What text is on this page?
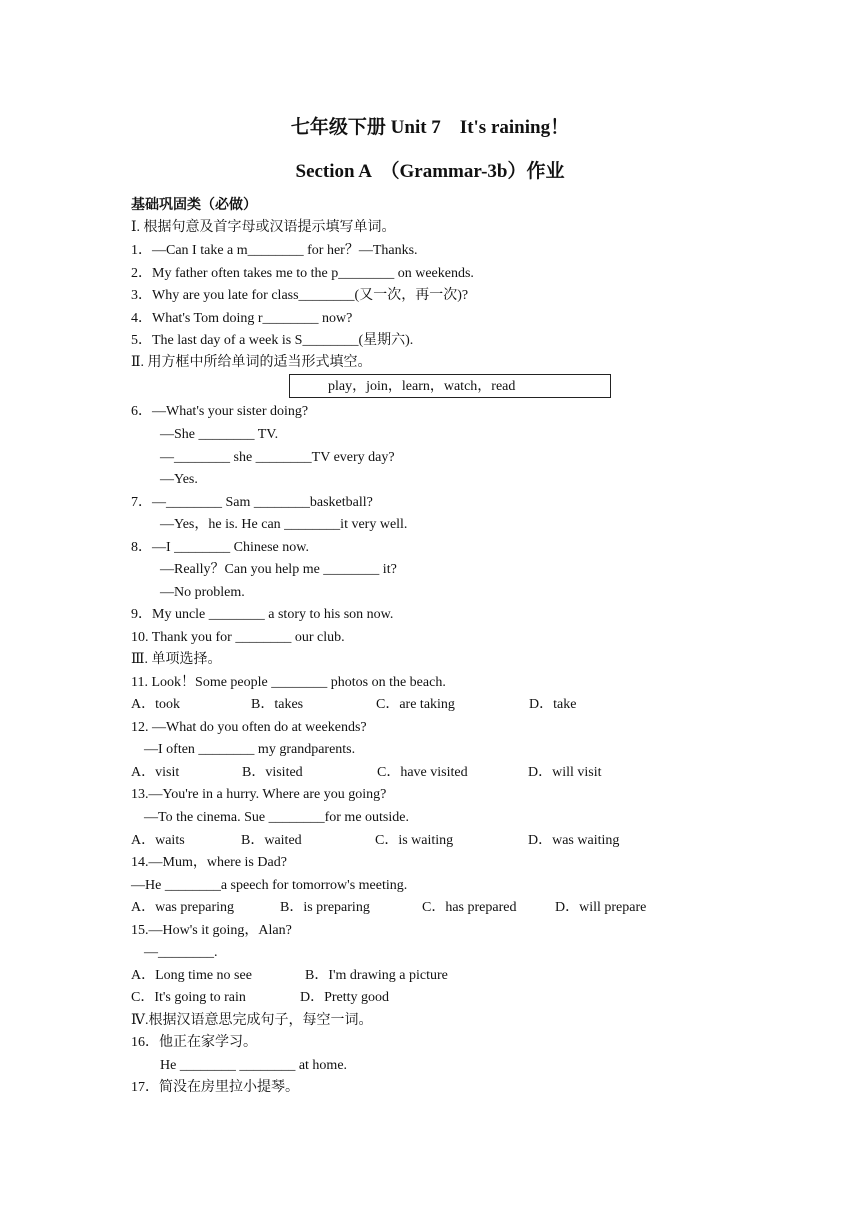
七年级下册 Unit 7　It's raining！
Section A　（Grammar-3b）作业
基础巩固类（必做）
Ⅰ. 根据句意及首字母或汉语提示填写单词。
1．—Can I take a m________ for her？—Thanks.
2．My father often takes me to the p________ on weekends.
3．Why are you late for class________(又一次，再一次)?
4．What's Tom doing r________ now?
5．The last day of a week is S________(星期六).
Ⅱ. 用方框中所给单词的适当形式填空。
play，join，learn，watch，read
6．—What's your sister doing?
—She ________ TV.
—________ she ________TV every day?
—Yes.
7．—________ Sam ________basketball?
—Yes，he is. He can ________it very well.
8．—I ________ Chinese now.
—Really？Can you help me ________ it?
—No problem.
9．My uncle ________ a story to his son now.
10. Thank you for ________ our club.
Ⅲ. 单项选择。
11. Look！Some people ________ photos on the beach.
A．took	B．takes	C．are taking	D．take
12. —What do you often do at weekends?
—I often ________ my grandparents.
A．visit	B．visited	C．have visited	D．will visit
13.—You're in a hurry. Where are you going?
—To the cinema. Sue ________for me outside.
A．waits	B．waited	C．is waiting	D．was waiting
14.—Mum，where is Dad?
—He ________a speech for tomorrow's meeting.
A．was preparing	B．is preparing	C．has prepared	D．will prepare
15.—How's it going，Alan?
—________.
A．Long time no see	B．I'm drawing a picture
C．It's going to rain	D．Pretty good
Ⅳ.根据汉语意思完成句子，每空一词。
16．他正在家学习。
He ________ ________ at home.
17．简没在房里拉小提琴。
